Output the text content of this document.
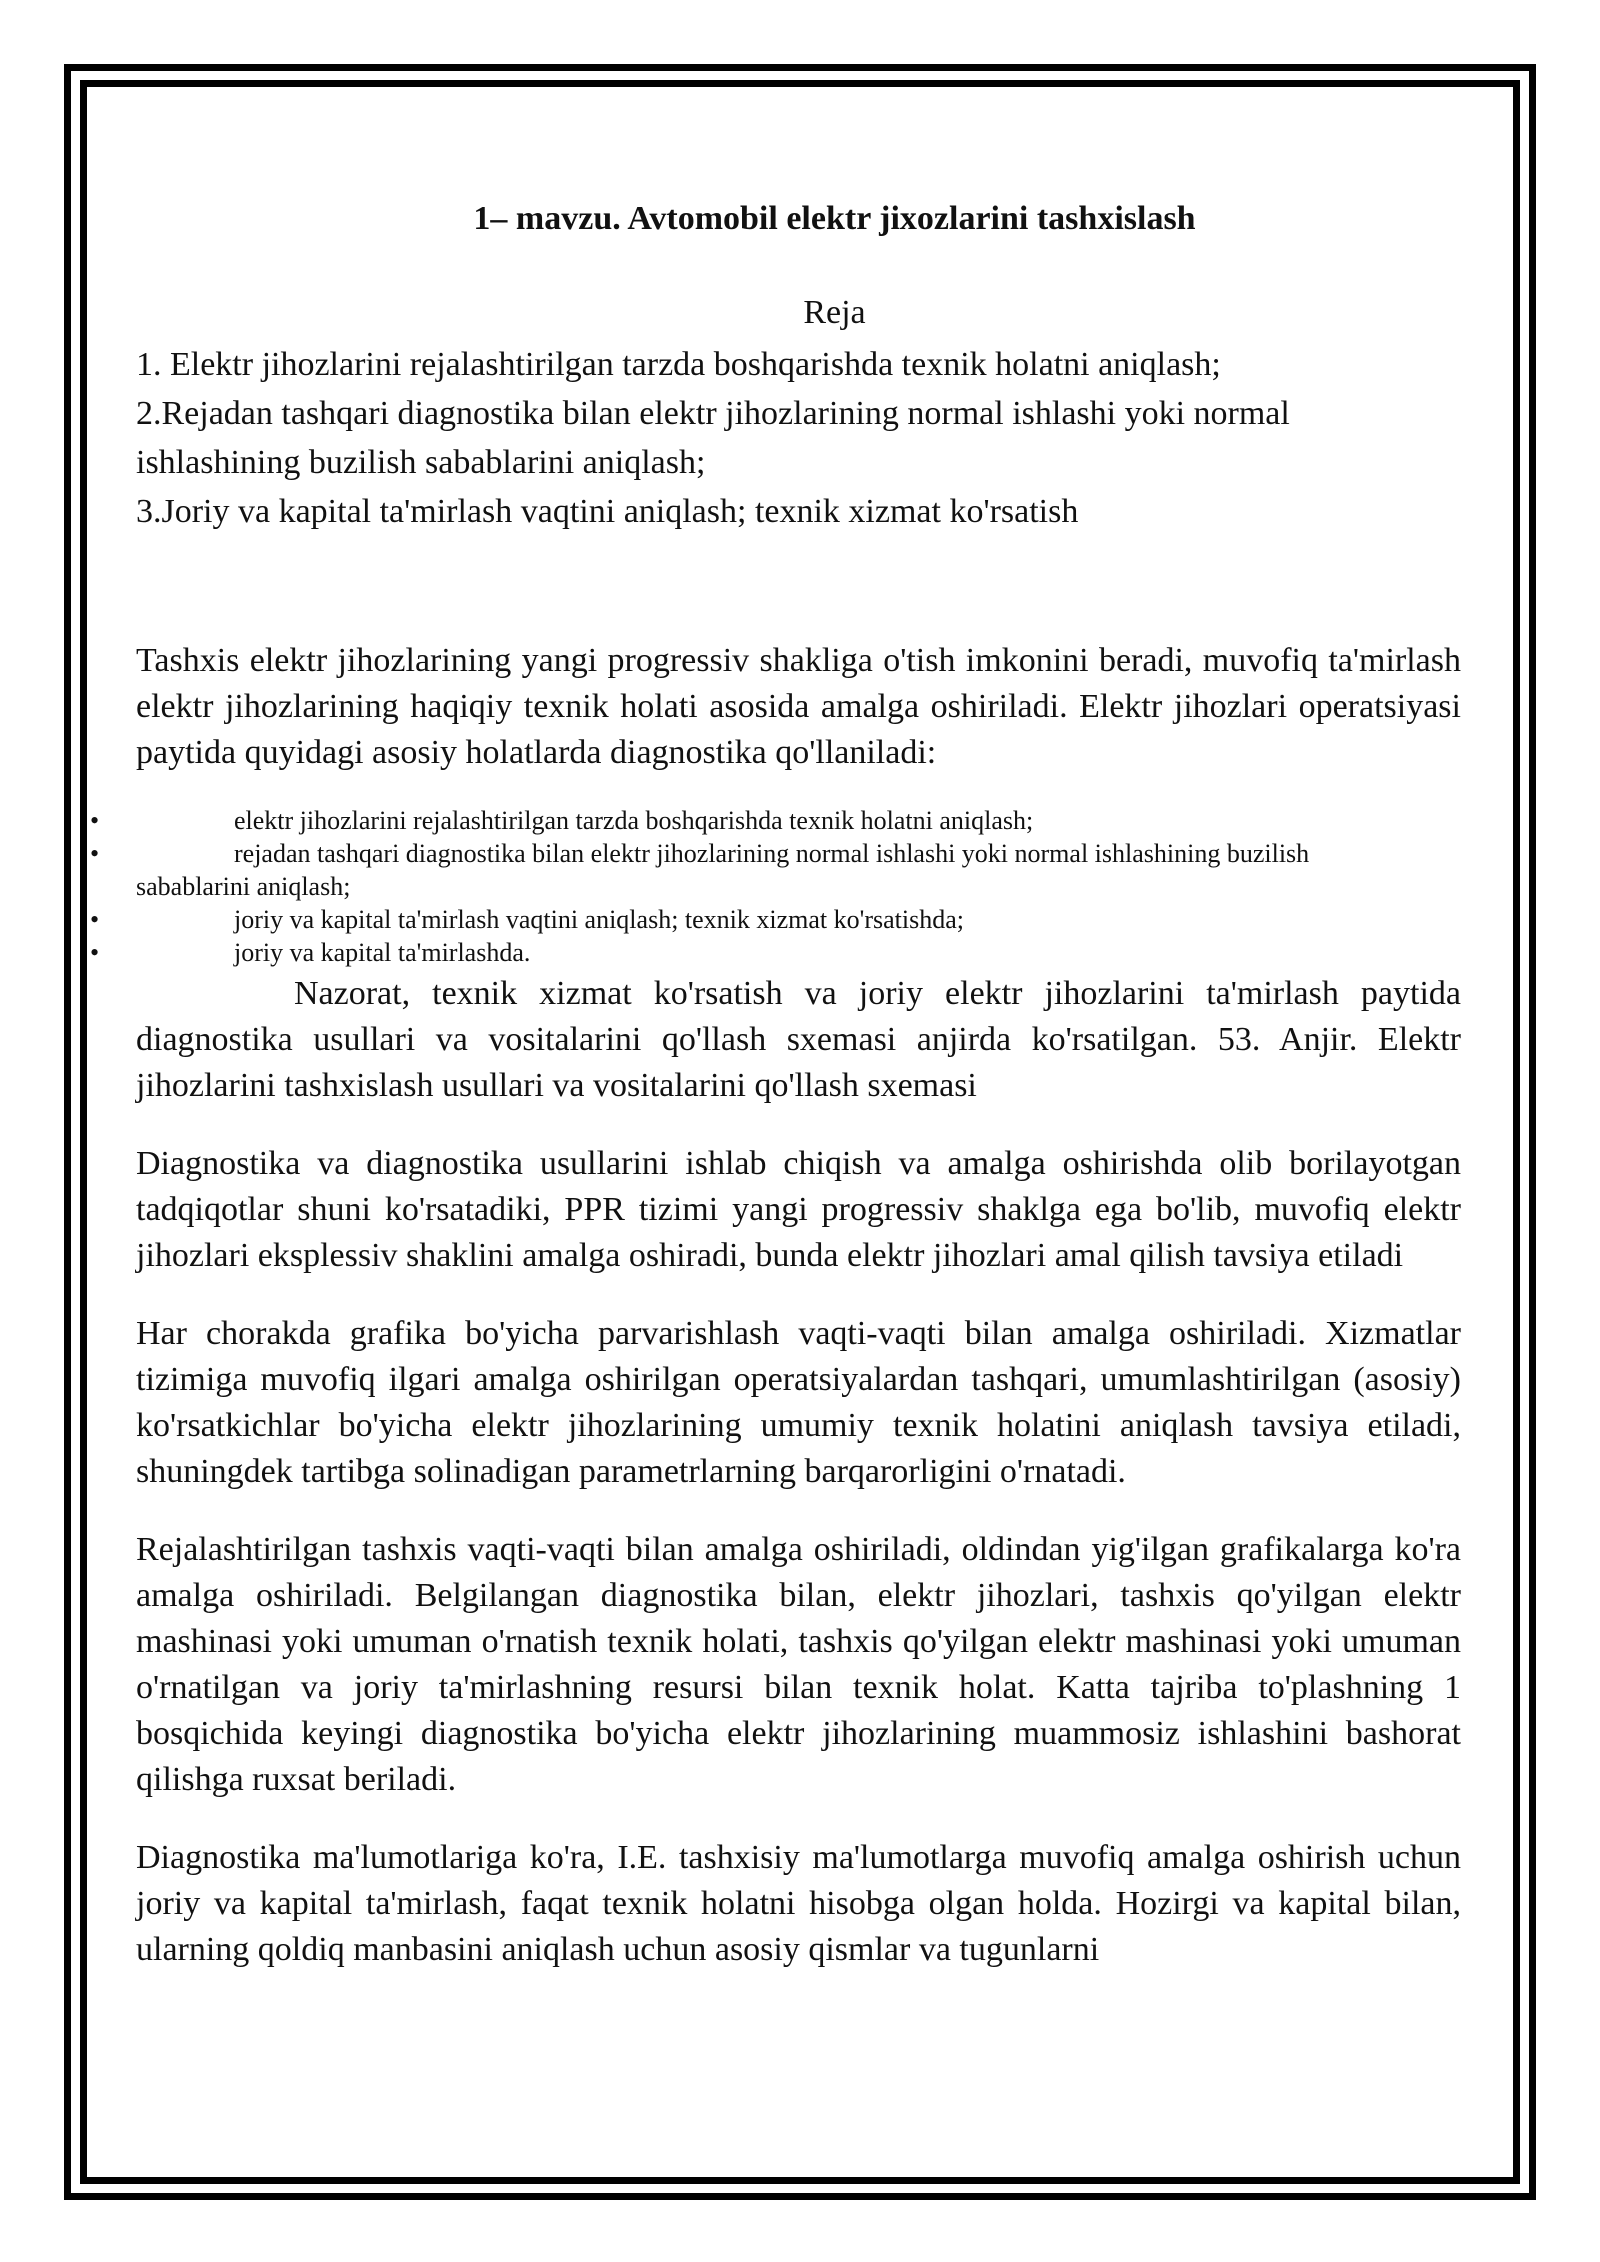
1– mavzu. Avtomobil elektr jixozlarini tashxislash

Reja

1. Elektr jihozlarini rejalashtirilgan tarzda boshqarishda texnik holatni aniqlash;

2.Rejadan tashqari diagnostika bilan elektr jihozlarining normal ishlashi yoki normal

ishlashining buzilish sabablarini aniqlash;

3.Joriy va kapital ta'mirlash vaqtini aniqlash; texnik xizmat ko'rsatish

Tashxis elektr jihozlarining yangi progressiv shakliga o'tish imkonini beradi, muvofiq ta'mirlash elektr jihozlarining haqiqiy texnik holati asosida amalga oshiriladi. Elektr jihozlari operatsiyasi paytida quyidagi asosiy holatlarda diagnostika qo'llaniladi:

•	elektr jihozlarini rejalashtirilgan tarzda boshqarishda texnik holatni aniqlash;
•	rejadan tashqari diagnostika bilan elektr jihozlarining normal ishlashi yoki normal ishlashining buzilish
sabablarini aniqlash;
•	joriy va kapital ta'mirlash vaqtini aniqlash; texnik xizmat ko'rsatishda;
•	joriy va kapital ta'mirlashda.

Nazorat, texnik xizmat ko'rsatish va joriy elektr jihozlarini ta'mirlash paytida diagnostika usullari va vositalarini qo'llash sxemasi anjirda ko'rsatilgan. 53. Anjir. Elektr jihozlarini tashxislash usullari va vositalarini qo'llash sxemasi

Diagnostika va diagnostika usullarini ishlab chiqish va amalga oshirishda olib borilayotgan tadqiqotlar shuni ko'rsatadiki, PPR tizimi yangi progressiv shaklga ega bo'lib, muvofiq elektr jihozlari eksplessiv shaklini amalga oshiradi, bunda elektr jihozlari amal qilish tavsiya etiladi

Har chorakda grafika bo'yicha parvarishlash vaqti-vaqti bilan amalga oshiriladi. Xizmatlar tizimiga muvofiq ilgari amalga oshirilgan operatsiyalardan tashqari, umumlashtirilgan (asosiy) ko'rsatkichlar bo'yicha elektr jihozlarining umumiy texnik holatini aniqlash tavsiya etiladi, shuningdek tartibga solinadigan parametrlarning barqarorligini o'rnatadi.

Rejalashtirilgan tashxis vaqti-vaqti bilan amalga oshiriladi, oldindan yig'ilgan grafikalarga ko'ra amalga oshiriladi. Belgilangan diagnostika bilan, elektr jihozlari, tashxis qo'yilgan elektr mashinasi yoki umuman o'rnatish texnik holati, tashxis qo'yilgan elektr mashinasi yoki umuman o'rnatilgan va joriy ta'mirlashning resursi bilan texnik holat. Katta tajriba to'plashning 1 bosqichida keyingi diagnostika bo'yicha elektr jihozlarining muammosiz ishlashini bashorat qilishga ruxsat beriladi.

Diagnostika ma'lumotlariga ko'ra, I.E. tashxisiy ma'lumotlarga muvofiq amalga oshirish uchun joriy va kapital ta'mirlash, faqat texnik holatni hisobga olgan holda. Hozirgi va kapital bilan, ularning qoldiq manbasini aniqlash uchun asosiy qismlar va tugunlarni
